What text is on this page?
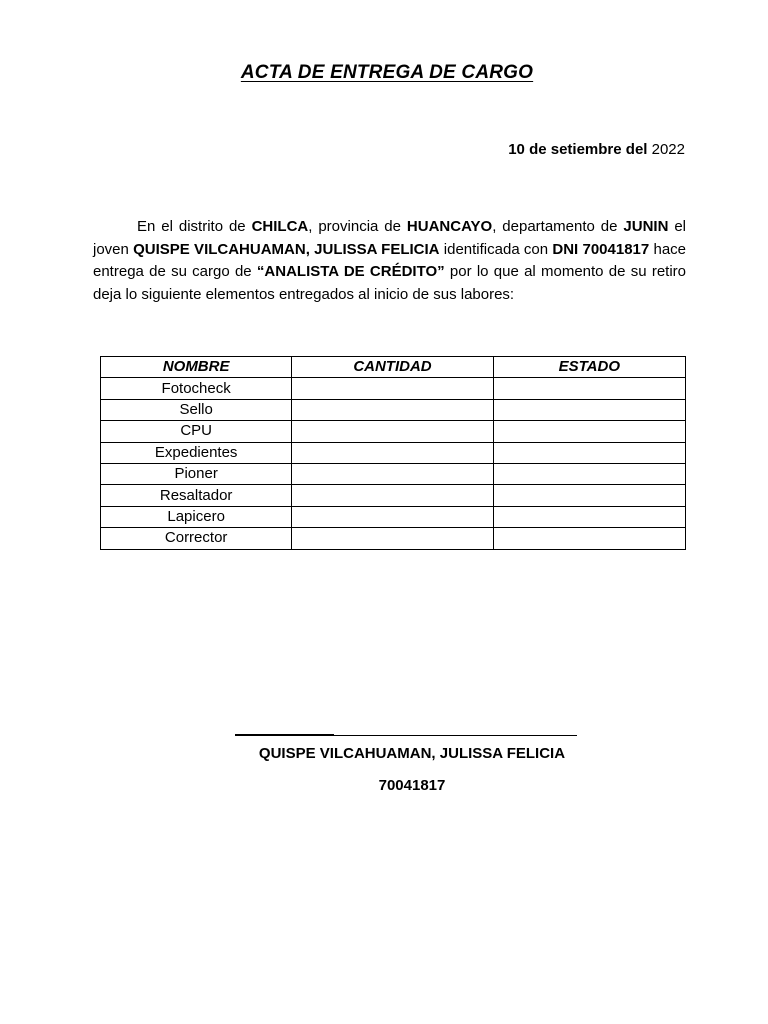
ACTA DE ENTREGA DE CARGO
10 de setiembre del 2022

En el distrito de CHILCA, provincia de HUANCAYO, departamento de JUNIN el joven QUISPE VILCAHUAMAN, JULISSA FELICIA identificada con DNI 70041817 hace entrega de su cargo de “ANALISTA DE CRÉDITO” por lo que al momento de su retiro deja lo siguiente elementos entregados al inicio de sus labores:

NOMBRE	CANTIDAD	ESTADO
Fotocheck		
Sello		
CPU		
Expedientes		
Pioner		
Resaltador		
Lapicero		
Corrector		
QUISPE VILCAHUAMAN, JULISSA FELICIA
70041817
